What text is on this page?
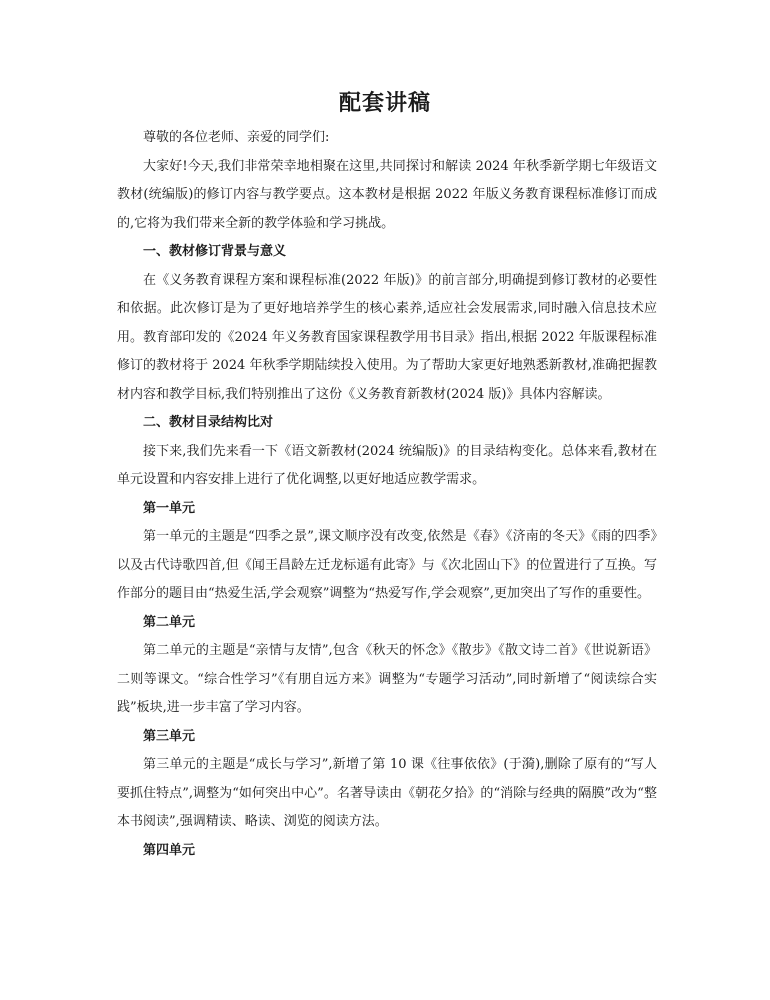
配套讲稿

尊敬的各位老师、亲爱的同学们:

大家好!今天,我们非常荣幸地相聚在这里,共同探讨和解读 2024 年秋季新学期七年级语文教材(统编版)的修订内容与教学要点。这本教材是根据 2022 年版义务教育课程标准修订而成的,它将为我们带来全新的教学体验和学习挑战。

一、教材修订背景与意义

在《义务教育课程方案和课程标准(2022 年版)》的前言部分,明确提到修订教材的必要性和依据。此次修订是为了更好地培养学生的核心素养,适应社会发展需求,同时融入信息技术应用。教育部印发的《2024 年义务教育国家课程教学用书目录》指出,根据 2022 年版课程标准修订的教材将于 2024 年秋季学期陆续投入使用。为了帮助大家更好地熟悉新教材,准确把握教材内容和教学目标,我们特别推出了这份《义务教育新教材(2024 版)》具体内容解读。

二、教材目录结构比对

接下来,我们先来看一下《语文新教材(2024 统编版)》的目录结构变化。总体来看,教材在单元设置和内容安排上进行了优化调整,以更好地适应教学需求。

第一单元

第一单元的主题是“四季之景”,课文顺序没有改变,依然是《春》《济南的冬天》《雨的四季》以及古代诗歌四首,但《闻王昌龄左迁龙标遥有此寄》与《次北固山下》的位置进行了互换。写作部分的题目由“热爱生活,学会观察”调整为“热爱写作,学会观察”,更加突出了写作的重要性。

第二单元

第二单元的主题是“亲情与友情”,包含《秋天的怀念》《散步》《散文诗二首》《世说新语》二则等课文。“综合性学习”《有朋自远方来》调整为“专题学习活动”,同时新增了“阅读综合实践”板块,进一步丰富了学习内容。

第三单元

第三单元的主题是“成长与学习”,新增了第 10 课《往事依依》(于漪),删除了原有的“写人要抓住特点”,调整为“如何突出中心”。名著导读由《朝花夕拾》的“消除与经典的隔膜”改为“整本书阅读”,强调精读、略读、浏览的阅读方法。

第四单元
